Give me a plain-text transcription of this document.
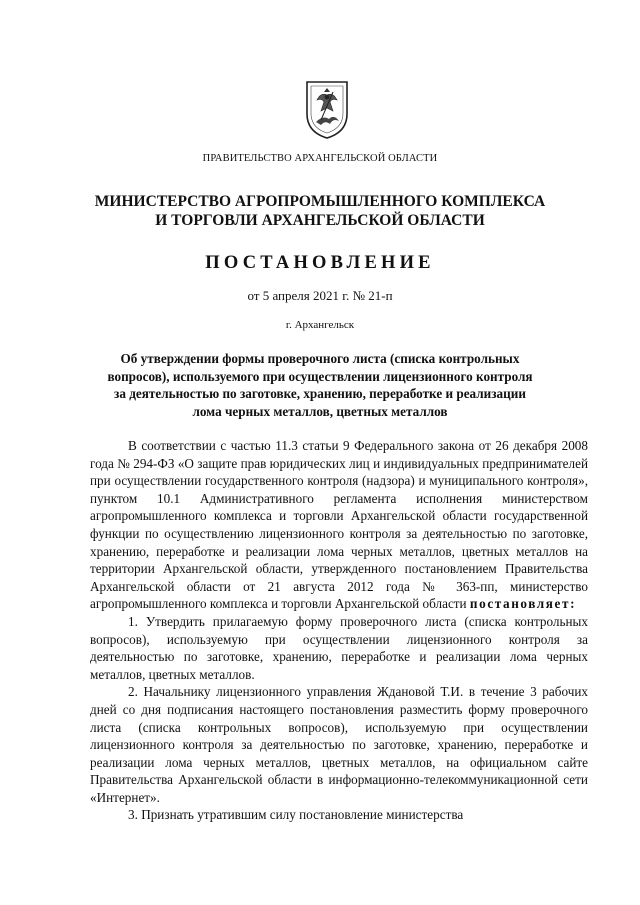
ПРАВИТЕЛЬСТВО АРХАНГЕЛЬСКОЙ ОБЛАСТИ
МИНИСТЕРСТВО АГРОПРОМЫШЛЕННОГО КОМПЛЕКСА
И ТОРГОВЛИ АРХАНГЕЛЬСКОЙ ОБЛАСТИ
ПОСТАНОВЛЕНИЕ
от 5 апреля 2021 г. № 21-п
г. Архангельск
Об утверждении формы проверочного листа (списка контрольных
вопросов), используемого при осуществлении лицензионного контроля
за деятельностью по заготовке, хранению, переработке и реализации
лома черных металлов, цветных металлов

В соответствии с частью 11.3 статьи 9 Федерального закона от 26 декабря 2008 года № 294-ФЗ «О защите прав юридических лиц и индивидуальных предпринимателей при осуществлении государственного контроля (надзора) и муниципального контроля», пунктом 10.1 Административного регламента исполнения министерством агропромышленного комплекса и торговли Архангельской области государственной функции по осуществлению лицензионного контроля за деятельностью по заготовке, хранению, переработке и реализации лома черных металлов, цветных металлов на территории Архангельской области, утвержденного постановлением Правительства Архангельской области от 21 августа 2012 года № 363-пп, министерство агропромышленного комплекса и торговли Архангельской области постановляет:

1. Утвердить прилагаемую форму проверочного листа (списка контрольных вопросов), используемую при осуществлении лицензионного контроля за деятельностью по заготовке, хранению, переработке и реализации лома черных металлов, цветных металлов.

2. Начальнику лицензионного управления Ждановой Т.И. в течение 3 рабочих дней со дня подписания настоящего постановления разместить форму проверочного листа (списка контрольных вопросов), используемую при осуществлении лицензионного контроля за деятельностью по заготовке, хранению, переработке и реализации лома черных металлов, цветных металлов, на официальном сайте Правительства Архангельской области в информационно-телекоммуникационной сети «Интернет».

3. Признать утратившим силу постановление министерства
